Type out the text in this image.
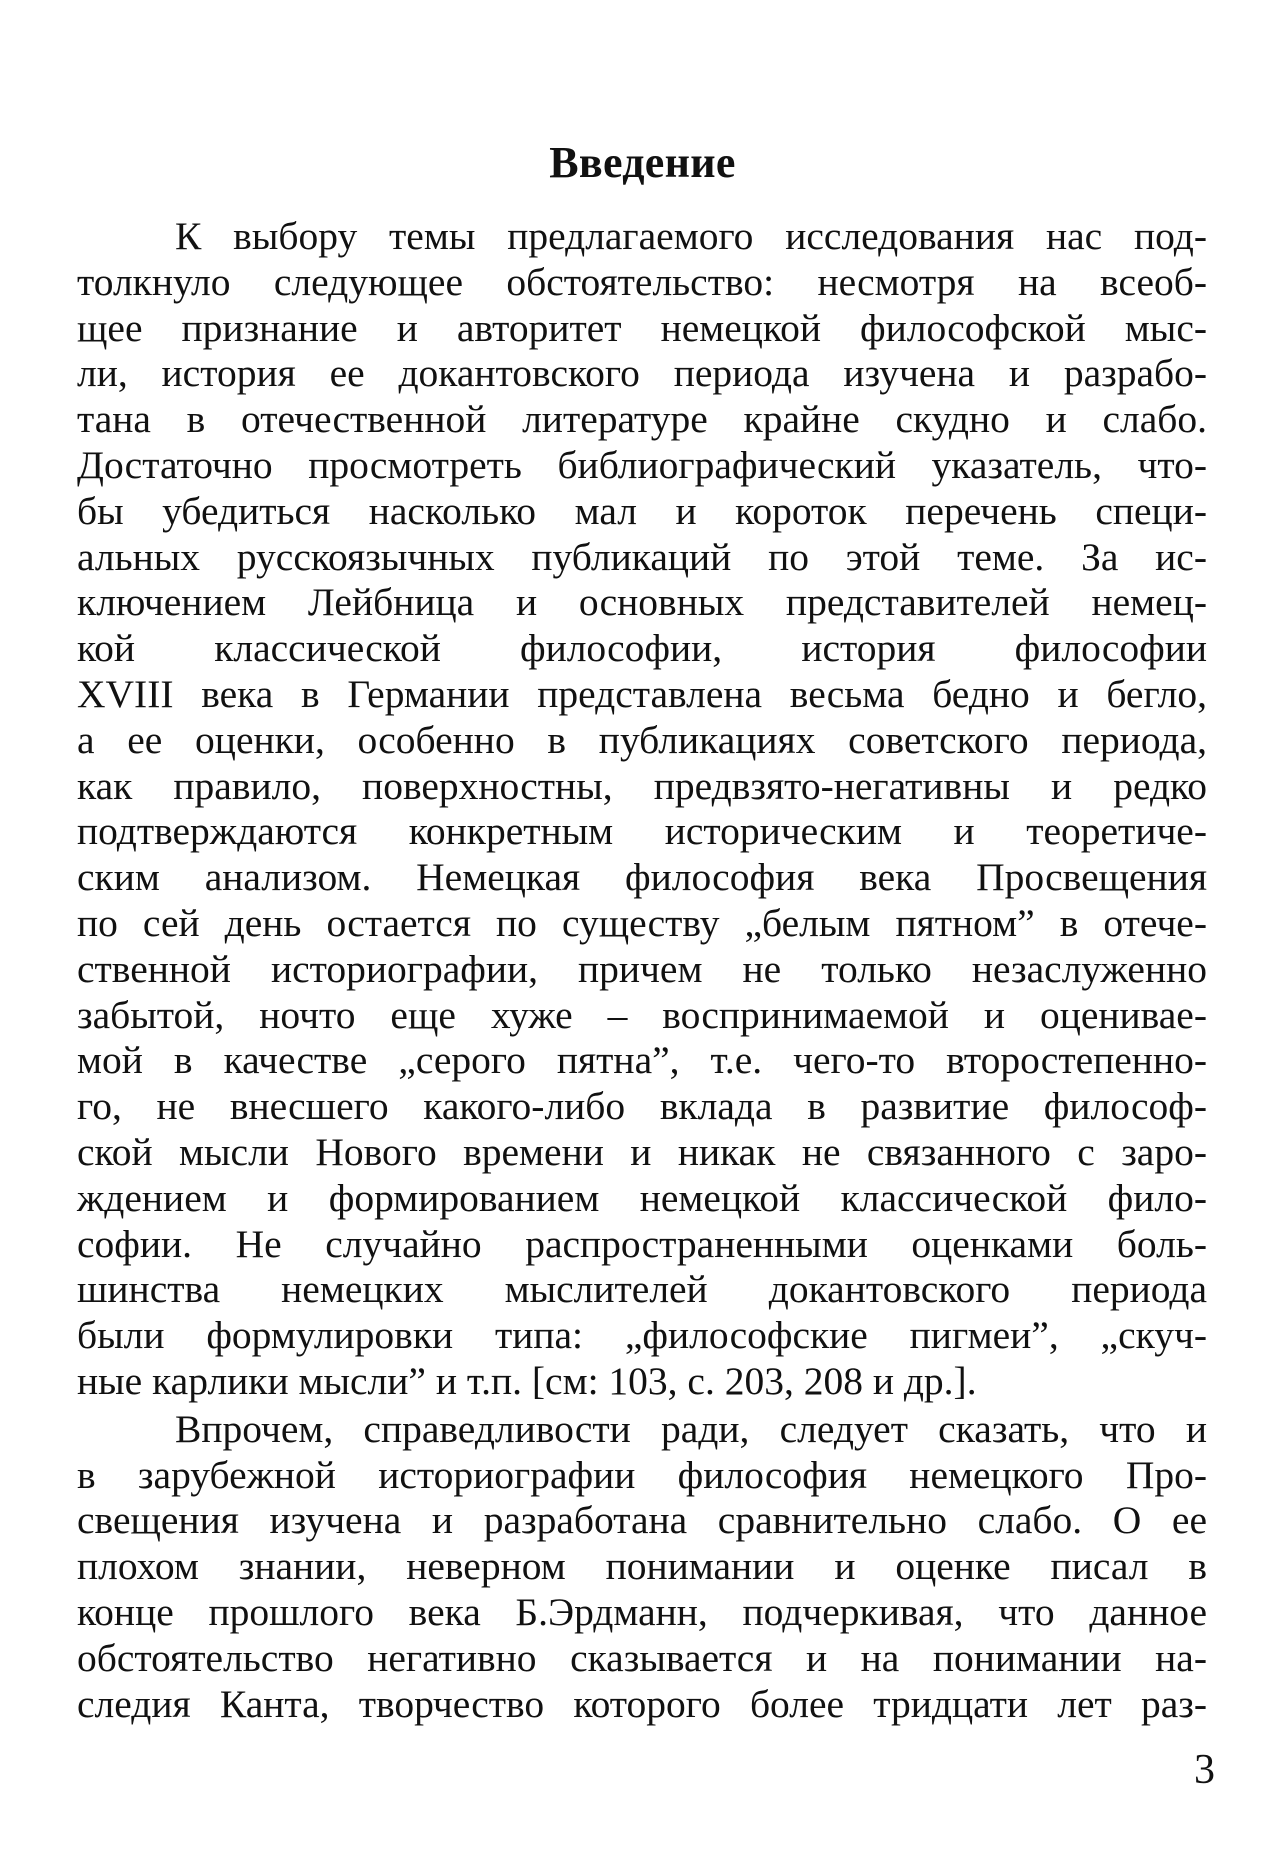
Введение
К выбору темы предлагаемого исследования нас под-
толкнуло следующее обстоятельство: несмотря на всеоб-
щее признание и авторитет немецкой философской мыс-
ли, история ее докантовского периода изучена и разрабо-
тана в отечественной литературе крайне скудно и слабо.
Достаточно просмотреть библиографический указатель, что-
бы убедиться насколько мал и короток перечень специ-
альных русскоязычных публикаций по этой теме. За ис-
ключением Лейбница и основных представителей немец-
кой классической философии, история философии
XVIII века в Германии представлена весьма бедно и бегло,
а ее оценки, особенно в публикациях советского периода,
как правило, поверхностны, предвзято-негативны и редко
подтверждаются конкретным историческим и теоретиче-
ским анализом. Немецкая философия века Просвещения
по сей день остается по существу „белым пятном” в отече-
ственной историографии, причем не только незаслуженно
забытой, ночто еще хуже – воспринимаемой и оценивае-
мой в качестве „серого пятна”, т.е. чего-то второстепенно-
го, не внесшего какого-либо вклада в развитие философ-
ской мысли Нового времени и никак не связанного с заро-
ждением и формированием немецкой классической фило-
софии. Не случайно распространенными оценками боль-
шинства немецких мыслителей докантовского периода
были формулировки типа: „философские пигмеи”, „скуч-
ные карлики мысли” и т.п. [см: 103, с. 203, 208 и др.].
Впрочем, справедливости ради, следует сказать, что и
в зарубежной историографии философия немецкого Про-
свещения изучена и разработана сравнительно слабо. О ее
плохом знании, неверном понимании и оценке писал в
конце прошлого века Б.Эрдманн, подчеркивая, что данное
обстоятельство негативно сказывается и на понимании на-
следия Канта, творчество которого более тридцати лет раз-
3
